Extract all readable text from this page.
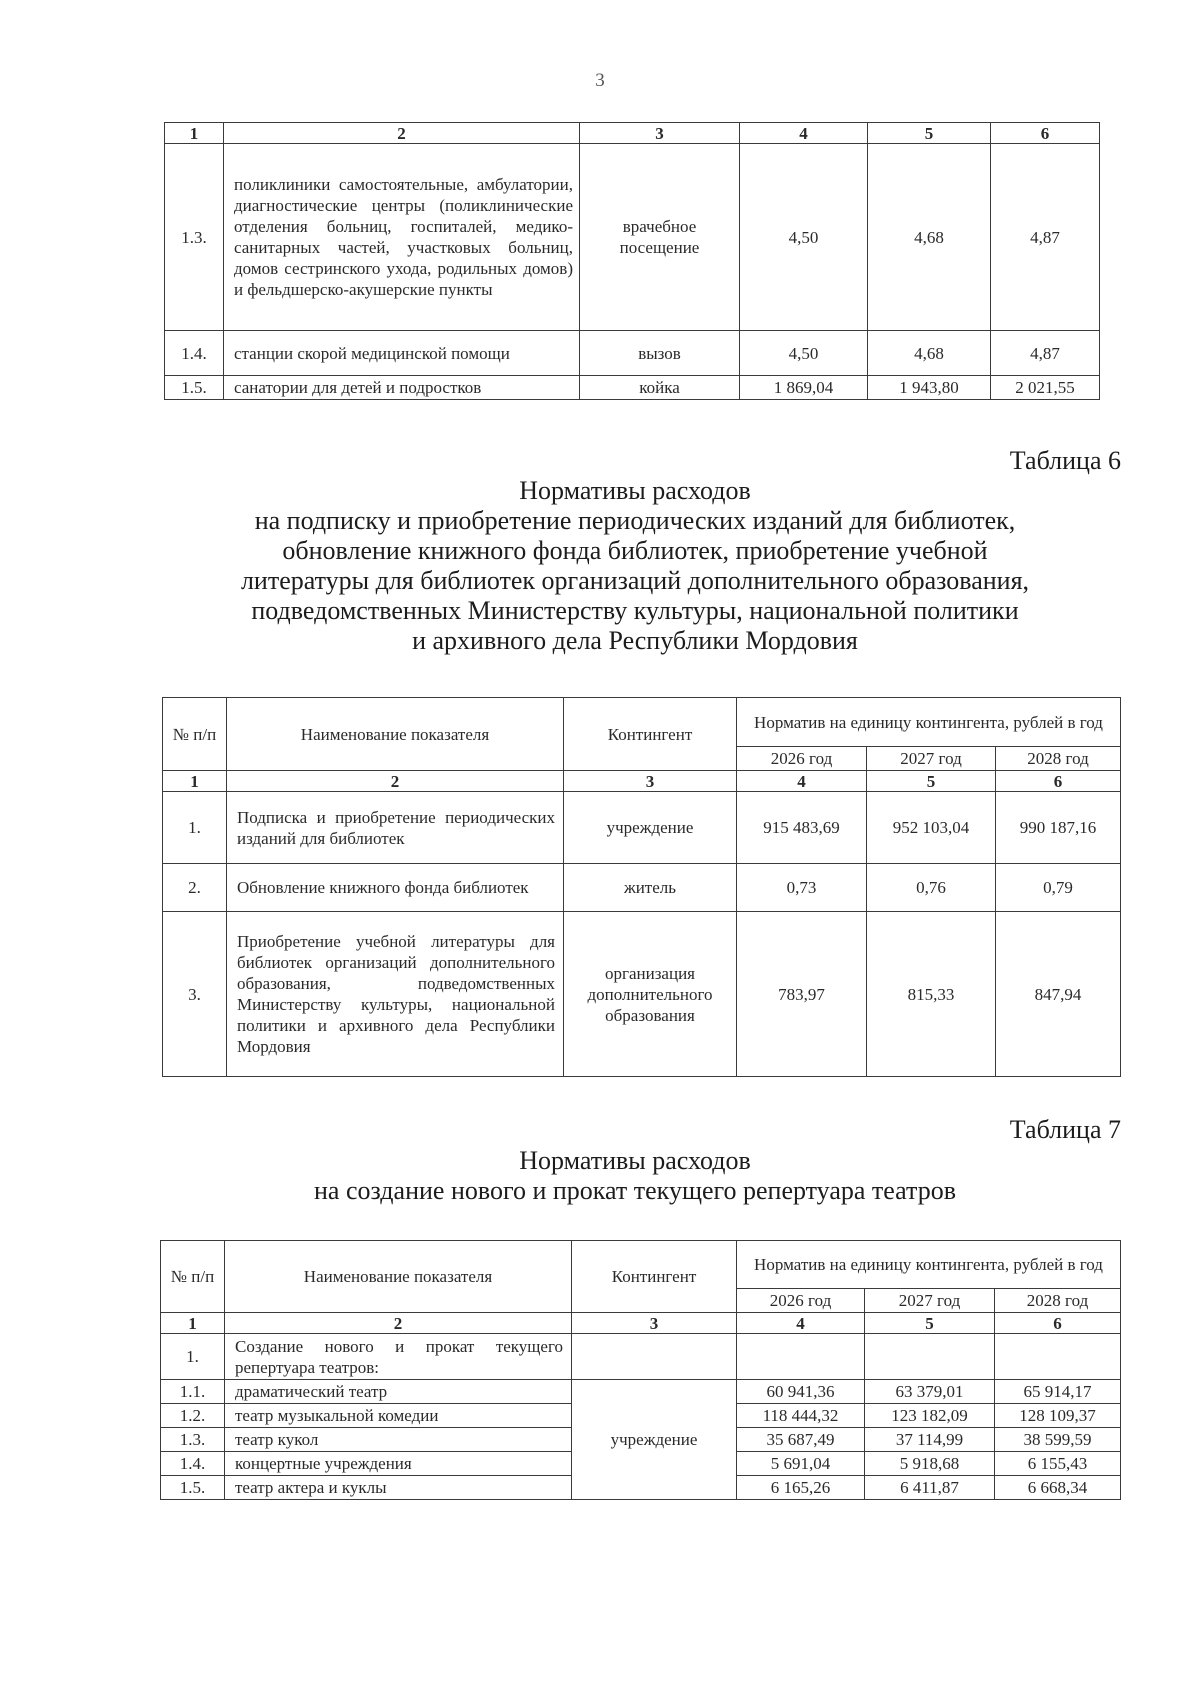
3
1	2	3	4	5	6
1.3.	поликлиники самостоятельные, амбулатории, диагностические центры (поликлинические отделения больниц, госпиталей, медико-санитарных частей, участковых больниц, домов сестринского ухода, родильных домов) и фельдшерско-акушерские пункты	врачебное посещение	4,50	4,68	4,87
1.4.	станции скорой медицинской помощи	вызов	4,50	4,68	4,87
1.5.	санатории для детей и подростков	койка	1 869,04	1 943,80	2 021,55
Таблица 6
Нормативы расходов
на подписку и приобретение периодических изданий для библиотек,
обновление книжного фонда библиотек, приобретение учебной
литературы для библиотек организаций дополнительного образования,
подведомственных Министерству культуры, национальной политики
и архивного дела Республики Мордовия
№ п/п	Наименование показателя	Контингент	Норматив на единицу контингента, рублей в год		
			2026 год	2027 год	2028 год
1	2	3	4	5	6
1.	Подписка и приобретение периодических изданий для библиотек	учреждение	915 483,69	952 103,04	990 187,16
2.	Обновление книжного фонда библиотек	житель	0,73	0,76	0,79
3.	Приобретение учебной литературы для библиотек организаций дополнительного образования, подведомственных Министерству культуры, национальной политики и архивного дела Республики Мордовия	организация дополнительного образования	783,97	815,33	847,94
Таблица 7
Нормативы расходов
на создание нового и прокат текущего репертуара театров
№ п/п	Наименование показателя	Контингент	Норматив на единицу контингента, рублей в год		
			2026 год	2027 год	2028 год
1	2	3	4	5	6
1.	Создание нового и прокат текущего репертуара театров:				
1.1.	драматический театр	учреждение	60 941,36	63 379,01	65 914,17
1.2.	театр музыкальной комедии		118 444,32	123 182,09	128 109,37
1.3.	театр кукол		35 687,49	37 114,99	38 599,59
1.4.	концертные учреждения		5 691,04	5 918,68	6 155,43
1.5.	театр актера и куклы		6 165,26	6 411,87	6 668,34
